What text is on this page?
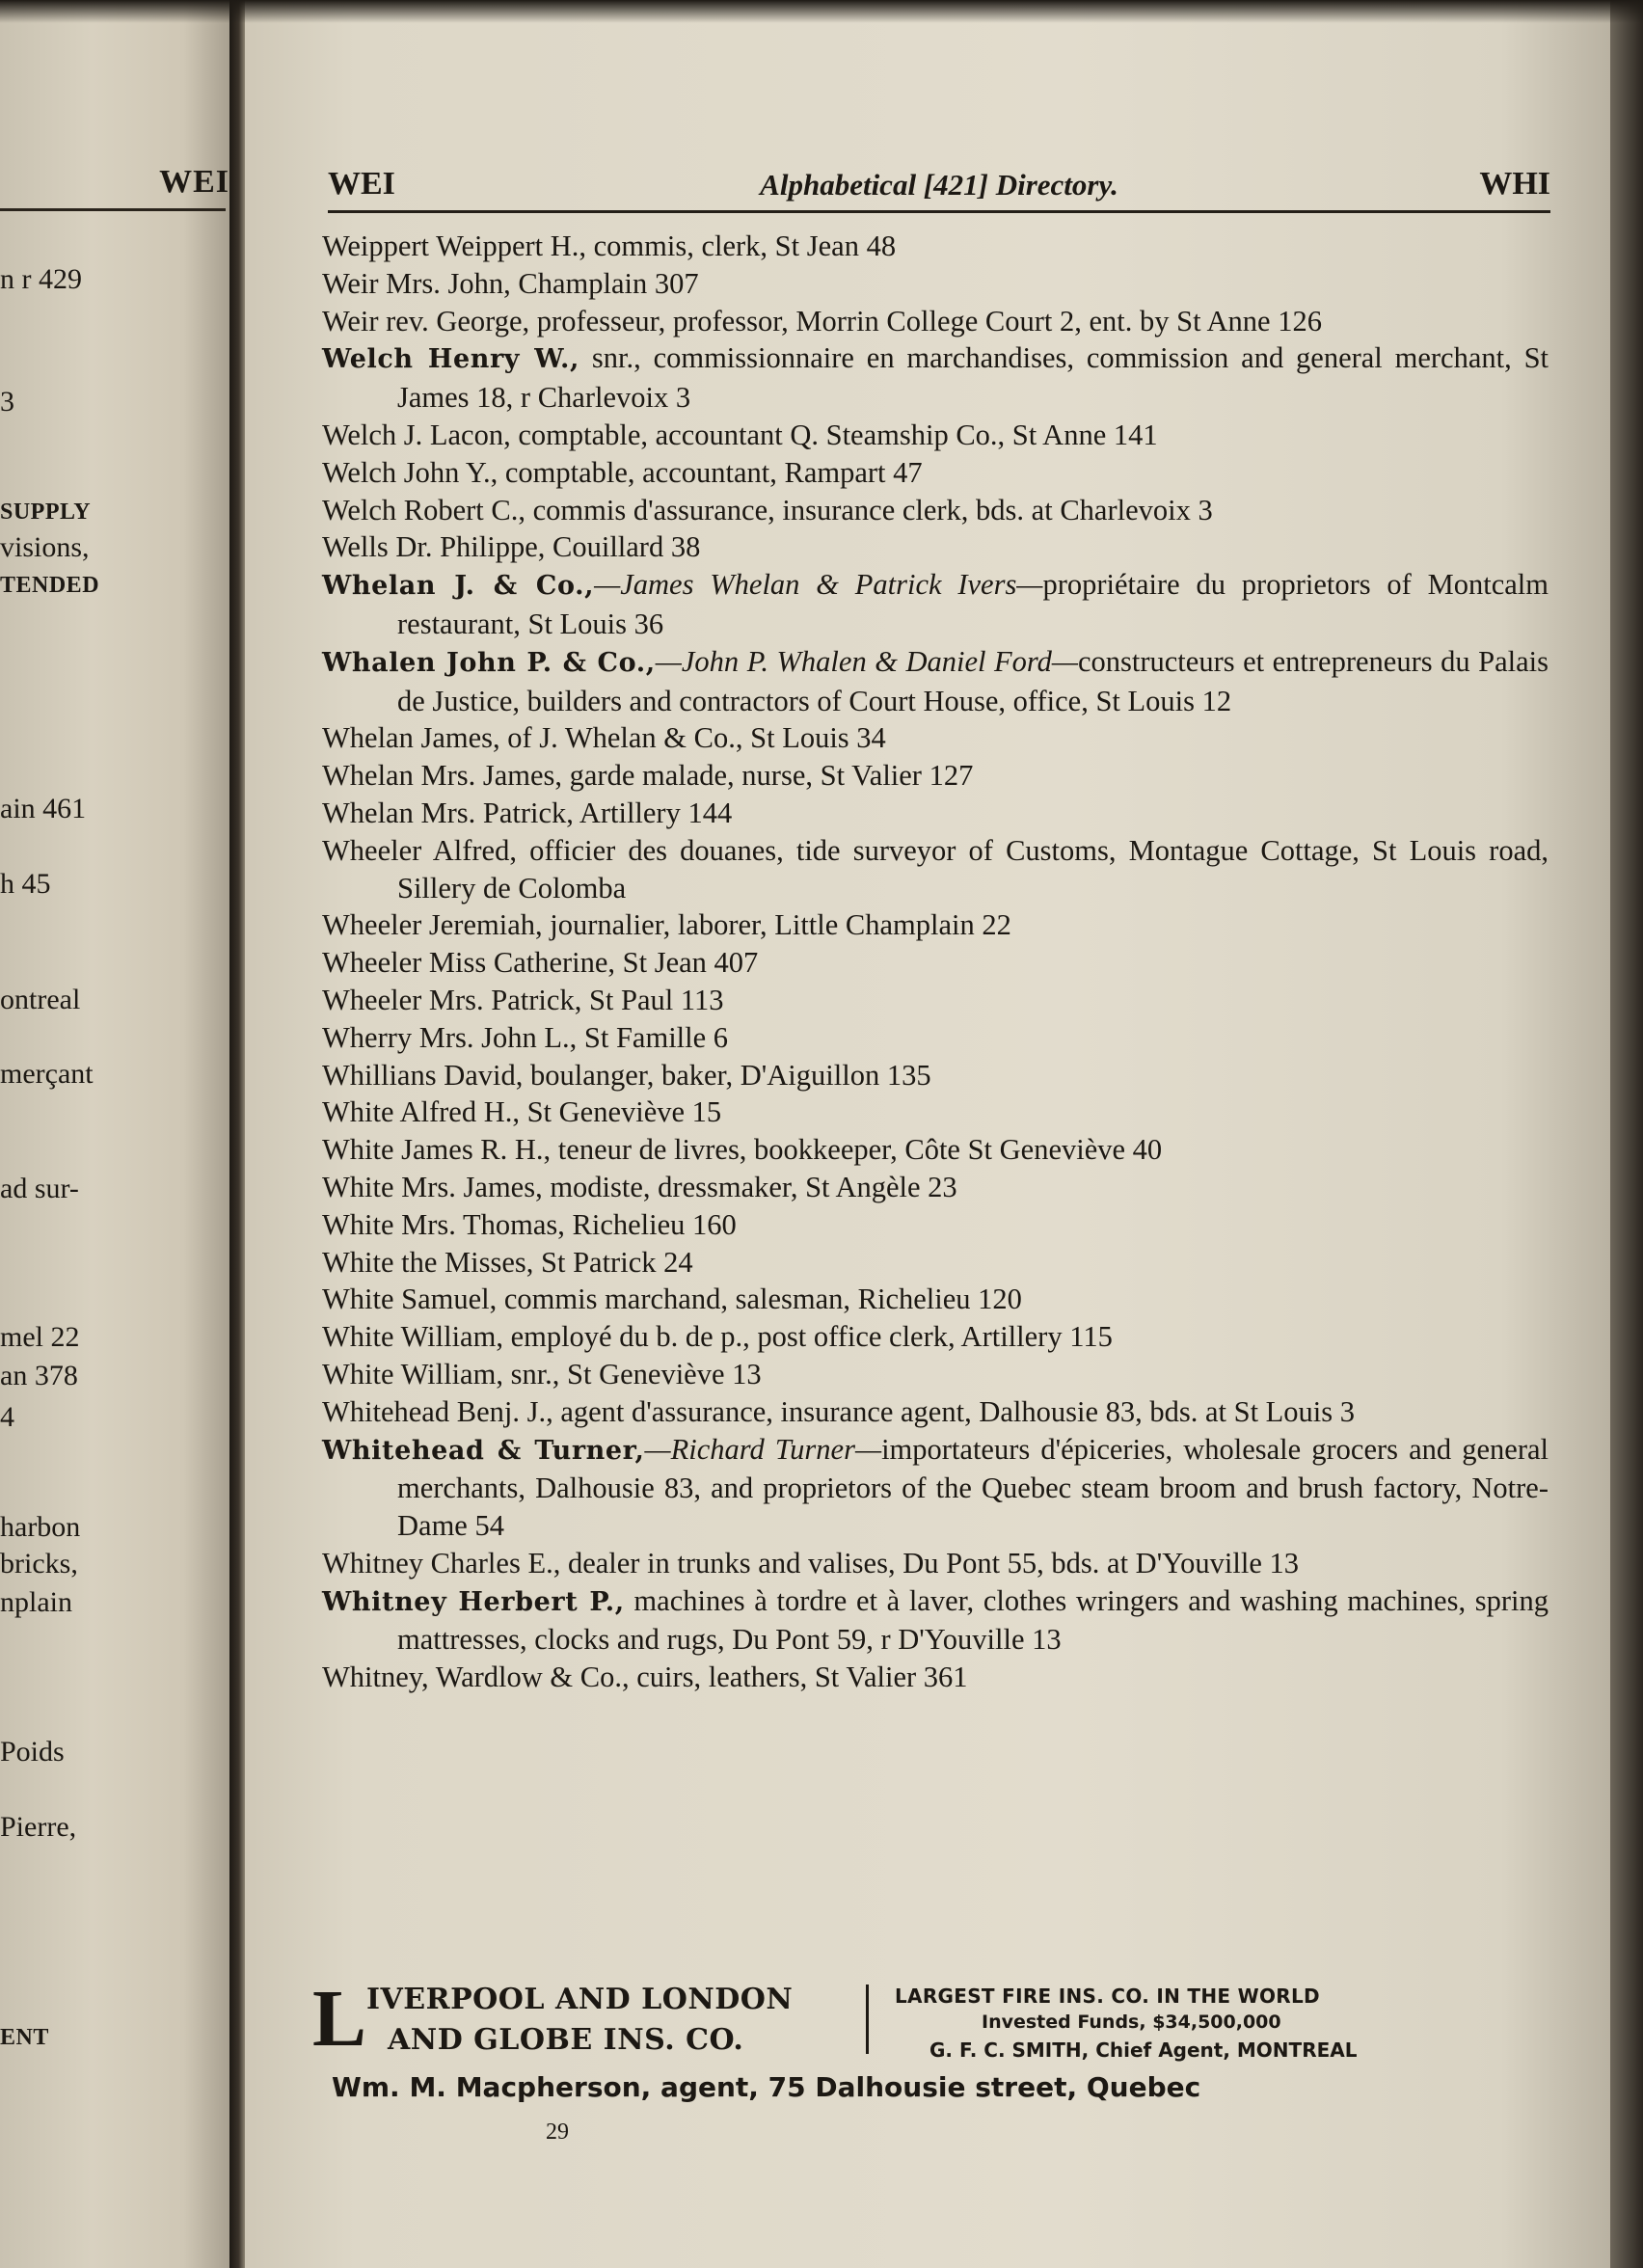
WEI
n r 429
3
SUPPLY
visions,
TENDED
ain 461
h 45
ontreal
merçant
ad sur-
mel 22
an 378
4
harbon
bricks,
nplain
Poids
Pierre,
ENT
WEI	Alphabetical [421] Directory.	WHI
Weippert Weippert H., commis, clerk, St Jean 48
Weir Mrs. John, Champlain 307
Weir rev. George, professeur, professor, Morrin College Court 2, ent. by St Anne 126
Welch Henry W., snr., commissionnaire en marchandises, commission and general merchant, St James 18, r Charlevoix 3
Welch J. Lacon, comptable, accountant Q. Steamship Co., St Anne 141
Welch John Y., comptable, accountant, Rampart 47
Welch Robert C., commis d'assurance, insurance clerk, bds. at Charlevoix 3
Wells Dr. Philippe, Couillard 38
Whelan J. & Co.,—James Whelan & Patrick Ivers—propriétaire du proprietors of Montcalm restaurant, St Louis 36
Whalen John P. & Co.,—John P. Whalen & Daniel Ford—constructeurs et entrepreneurs du Palais de Justice, builders and contractors of Court House, office, St Louis 12
Whelan James, of J. Whelan & Co., St Louis 34
Whelan Mrs. James, garde malade, nurse, St Valier 127
Whelan Mrs. Patrick, Artillery 144
Wheeler Alfred, officier des douanes, tide surveyor of Customs, Montague Cottage, St Louis road, Sillery de Colomba
Wheeler Jeremiah, journalier, laborer, Little Champlain 22
Wheeler Miss Catherine, St Jean 407
Wheeler Mrs. Patrick, St Paul 113
Wherry Mrs. John L., St Famille 6
Whillians David, boulanger, baker, D'Aiguillon 135
White Alfred H., St Geneviève 15
White James R. H., teneur de livres, bookkeeper, Côte St Geneviève 40
White Mrs. James, modiste, dressmaker, St Angèle 23
White Mrs. Thomas, Richelieu 160
White the Misses, St Patrick 24
White Samuel, commis marchand, salesman, Richelieu 120
White William, employé du b. de p., post office clerk, Artillery 115
White William, snr., St Geneviève 13
Whitehead Benj. J., agent d'assurance, insurance agent, Dalhousie 83, bds. at St Louis 3
Whitehead & Turner,—Richard Turner—importateurs d'épiceries, wholesale grocers and general merchants, Dalhousie 83, and proprietors of the Quebec steam broom and brush factory, Notre-Dame 54
Whitney Charles E., dealer in trunks and valises, Du Pont 55, bds. at D'Youville 13
Whitney Herbert P., machines à tordre et à laver, clothes wringers and washing machines, spring mattresses, clocks and rugs, Du Pont 59, r D'Youville 13
Whitney, Wardlow & Co., cuirs, leathers, St Valier 361
L IVERPOOL AND LONDON
AND GLOBE INS. CO.
LARGEST FIRE INS. CO. IN THE WORLD
Invested Funds, $34,500,000
G. F. C. SMITH, Chief Agent, MONTREAL
Wm. M. Macpherson, agent, 75 Dalhousie street, Quebec
29
